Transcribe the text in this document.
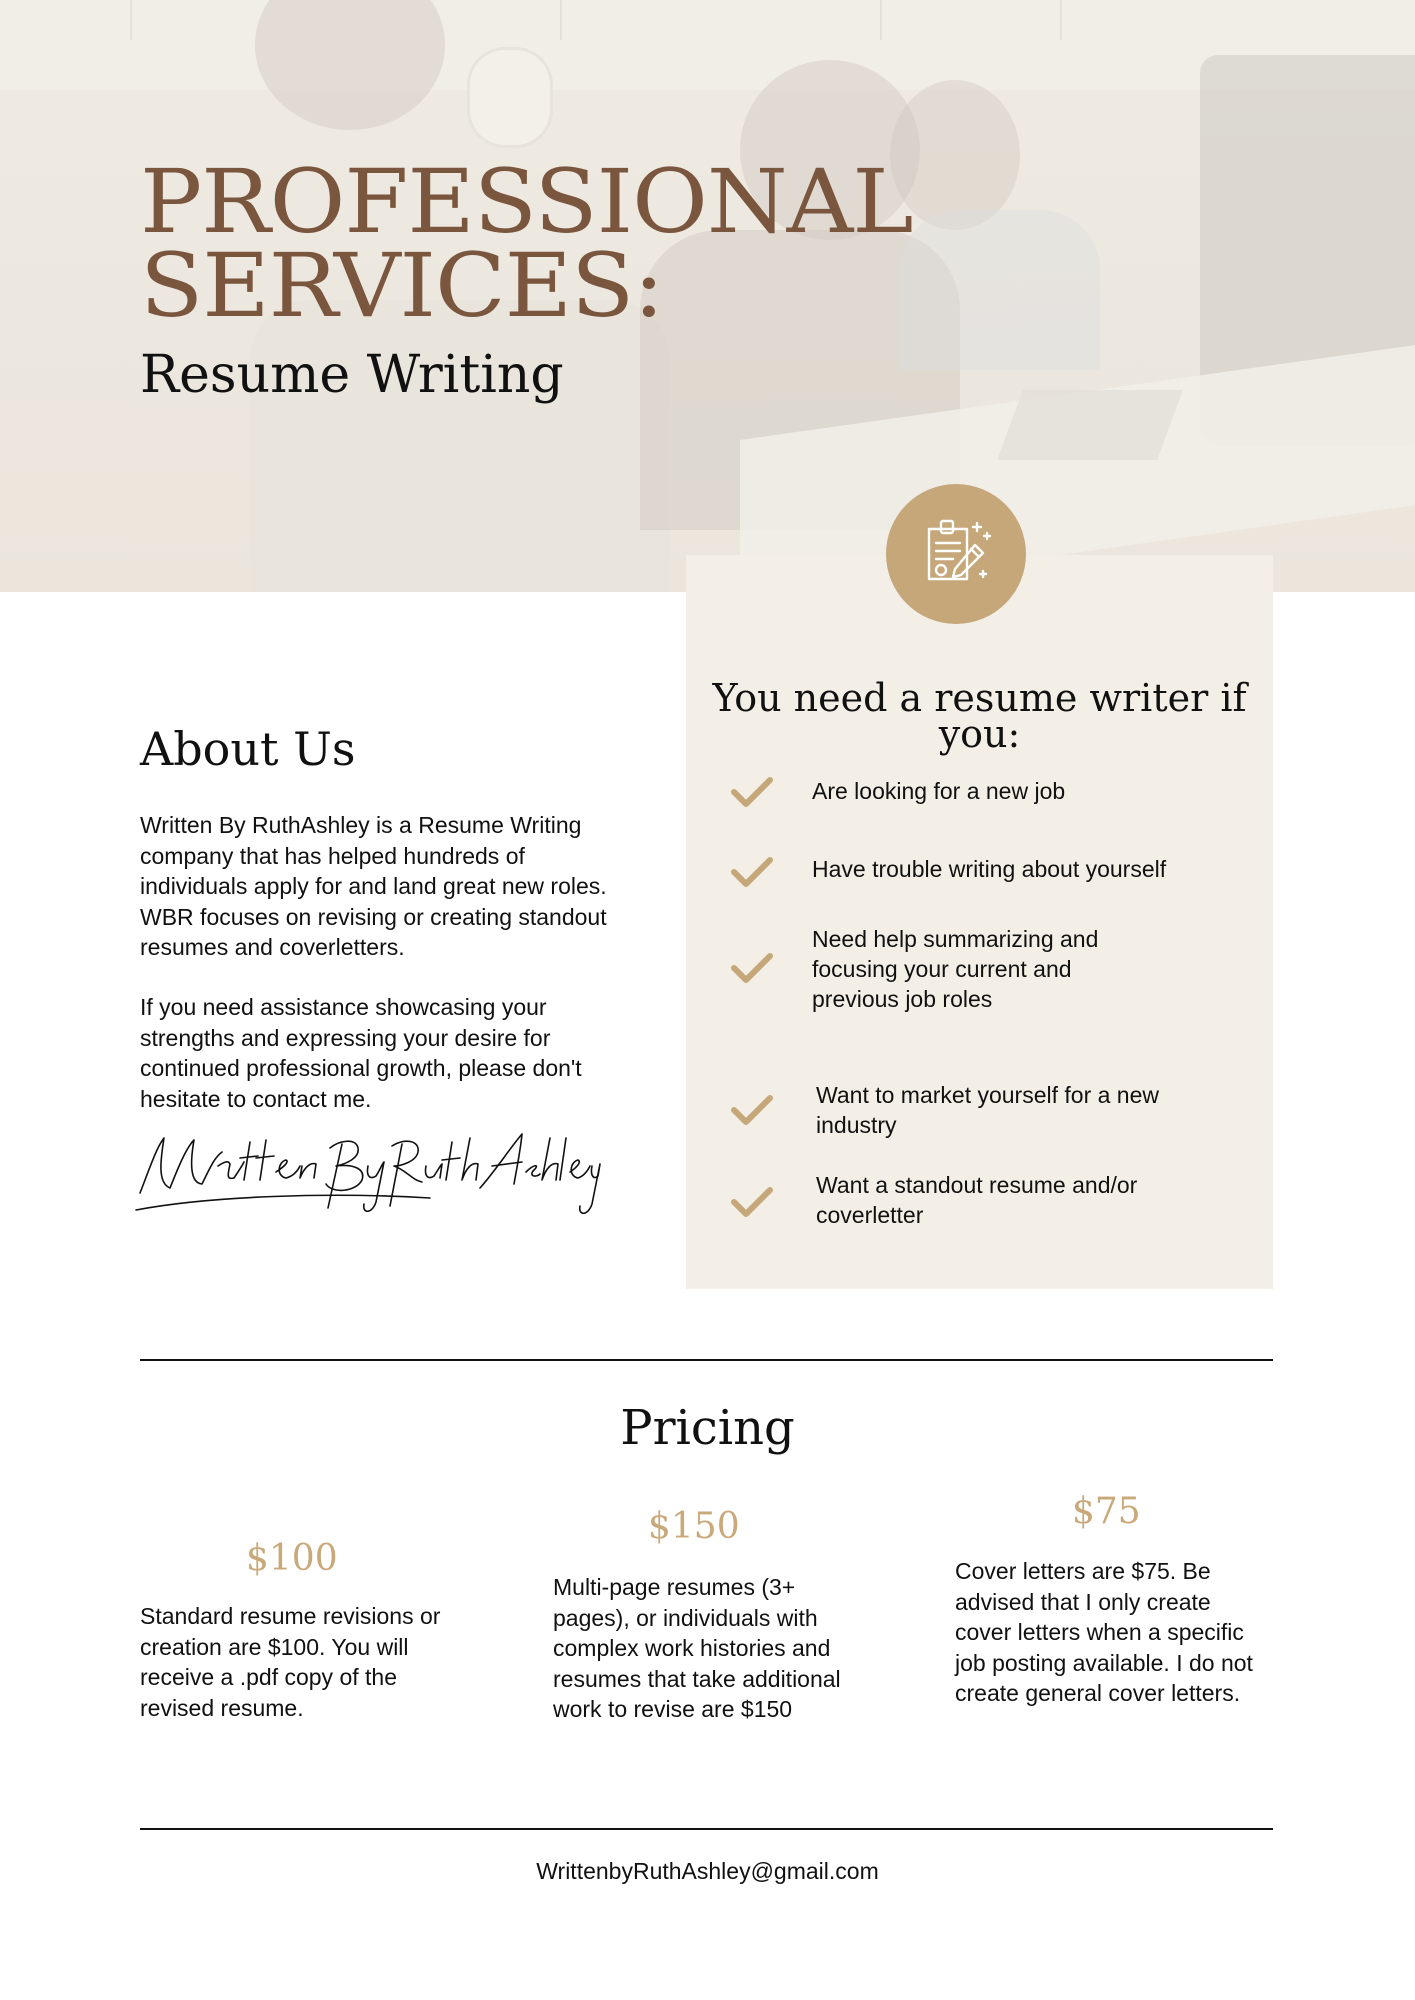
PROFESSIONAL
SERVICES:
Resume Writing
You need a resume writer if you:
Are looking for a new job
Have trouble writing about yourself
Need help summarizing and focusing your current and previous job roles
Want to market yourself for a new industry
Want a standout resume and/or coverletter
About Us

Written By RuthAshley is a Resume Writing company that has helped hundreds of individuals apply for and land great new roles. WBR focuses on revising or creating standout resumes and coverletters.

If you need assistance showcasing your strengths and expressing your desire for continued professional growth, please don't hesitate to contact me.

Pricing
$100

Standard resume revisions or creation are $100. You will receive a .pdf copy of the revised resume.

$150

Multi-page resumes (3+ pages), or individuals with complex work histories and resumes that take additional work to revise are $150

$75

Cover letters are $75. Be advised that I only create cover letters when a specific job posting available. I do not create general cover letters.

WrittenbyRuthAshley@gmail.com
